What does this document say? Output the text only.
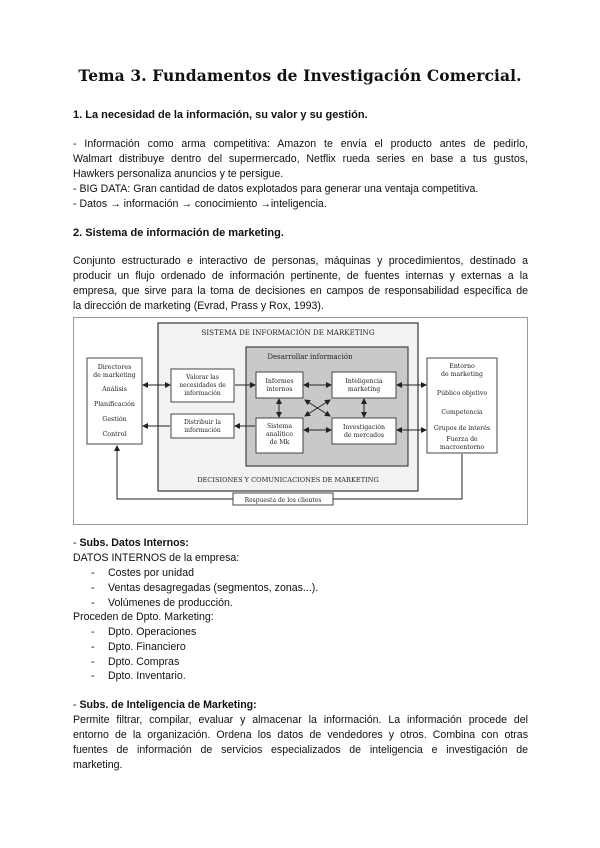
Tema 3. Fundamentos de Investigación Comercial.
1. La necesidad de la información, su valor y su gestión.
- Información como arma competitiva: Amazon te envía el producto antes de pedirlo,
Walmart distribuye dentro del supermercado, Netflix rueda series en base a tus gustos,
Hawkers personaliza anuncios y te persigue.
- BIG DATA: Gran cantidad de datos explotados para generar una ventaja competitiva.
- Datos → información → conocimiento →inteligencia.
2. Sistema de información de marketing.
Conjunto estructurado e interactivo de personas, máquinas y procedimientos, destinado a
producir un flujo ordenado de información pertinente, de fuentes internas y externas a la
empresa, que sirve para la toma de decisiones en campos de responsabilidad específica de
la dirección de marketing (Evrad, Prass y Rox, 1993).
SISTEMA DE INFORMACIÓN DE MARKETING
DECISIONES Y COMUNICACIONES DE MARKETING
Desarrollar información
Directores
de marketing
Análisis
Planificación
Gestión
Control
Valorar las
necesidades de
información
Distribuir la
información
Informes
internos
Inteligencia
marketing
Sistema
analítico
de Mk
Investigación
de mercados
Entorno
de marketing
Público objetivo
Competencia
Grupos de interés
Fuerza de
macroentorno
Respuesta de los clientes
- Subs. Datos Internos:
DATOS INTERNOS de la empresa:
- Costes por unidad
- Ventas desagregadas (segmentos, zonas...).
- Volúmenes de producción.
Proceden de Dpto. Marketing:
- Dpto. Operaciones
- Dpto. Financiero
- Dpto. Compras
- Dpto. Inventario.
- Subs. de Inteligencia de Marketing:
Permite filtrar, compilar, evaluar y almacenar la información. La información procede del
entorno de la organización. Ordena los datos de vendedores y otros. Combina con otras
fuentes de información de servicios especializados de inteligencia e investigación de
marketing.
